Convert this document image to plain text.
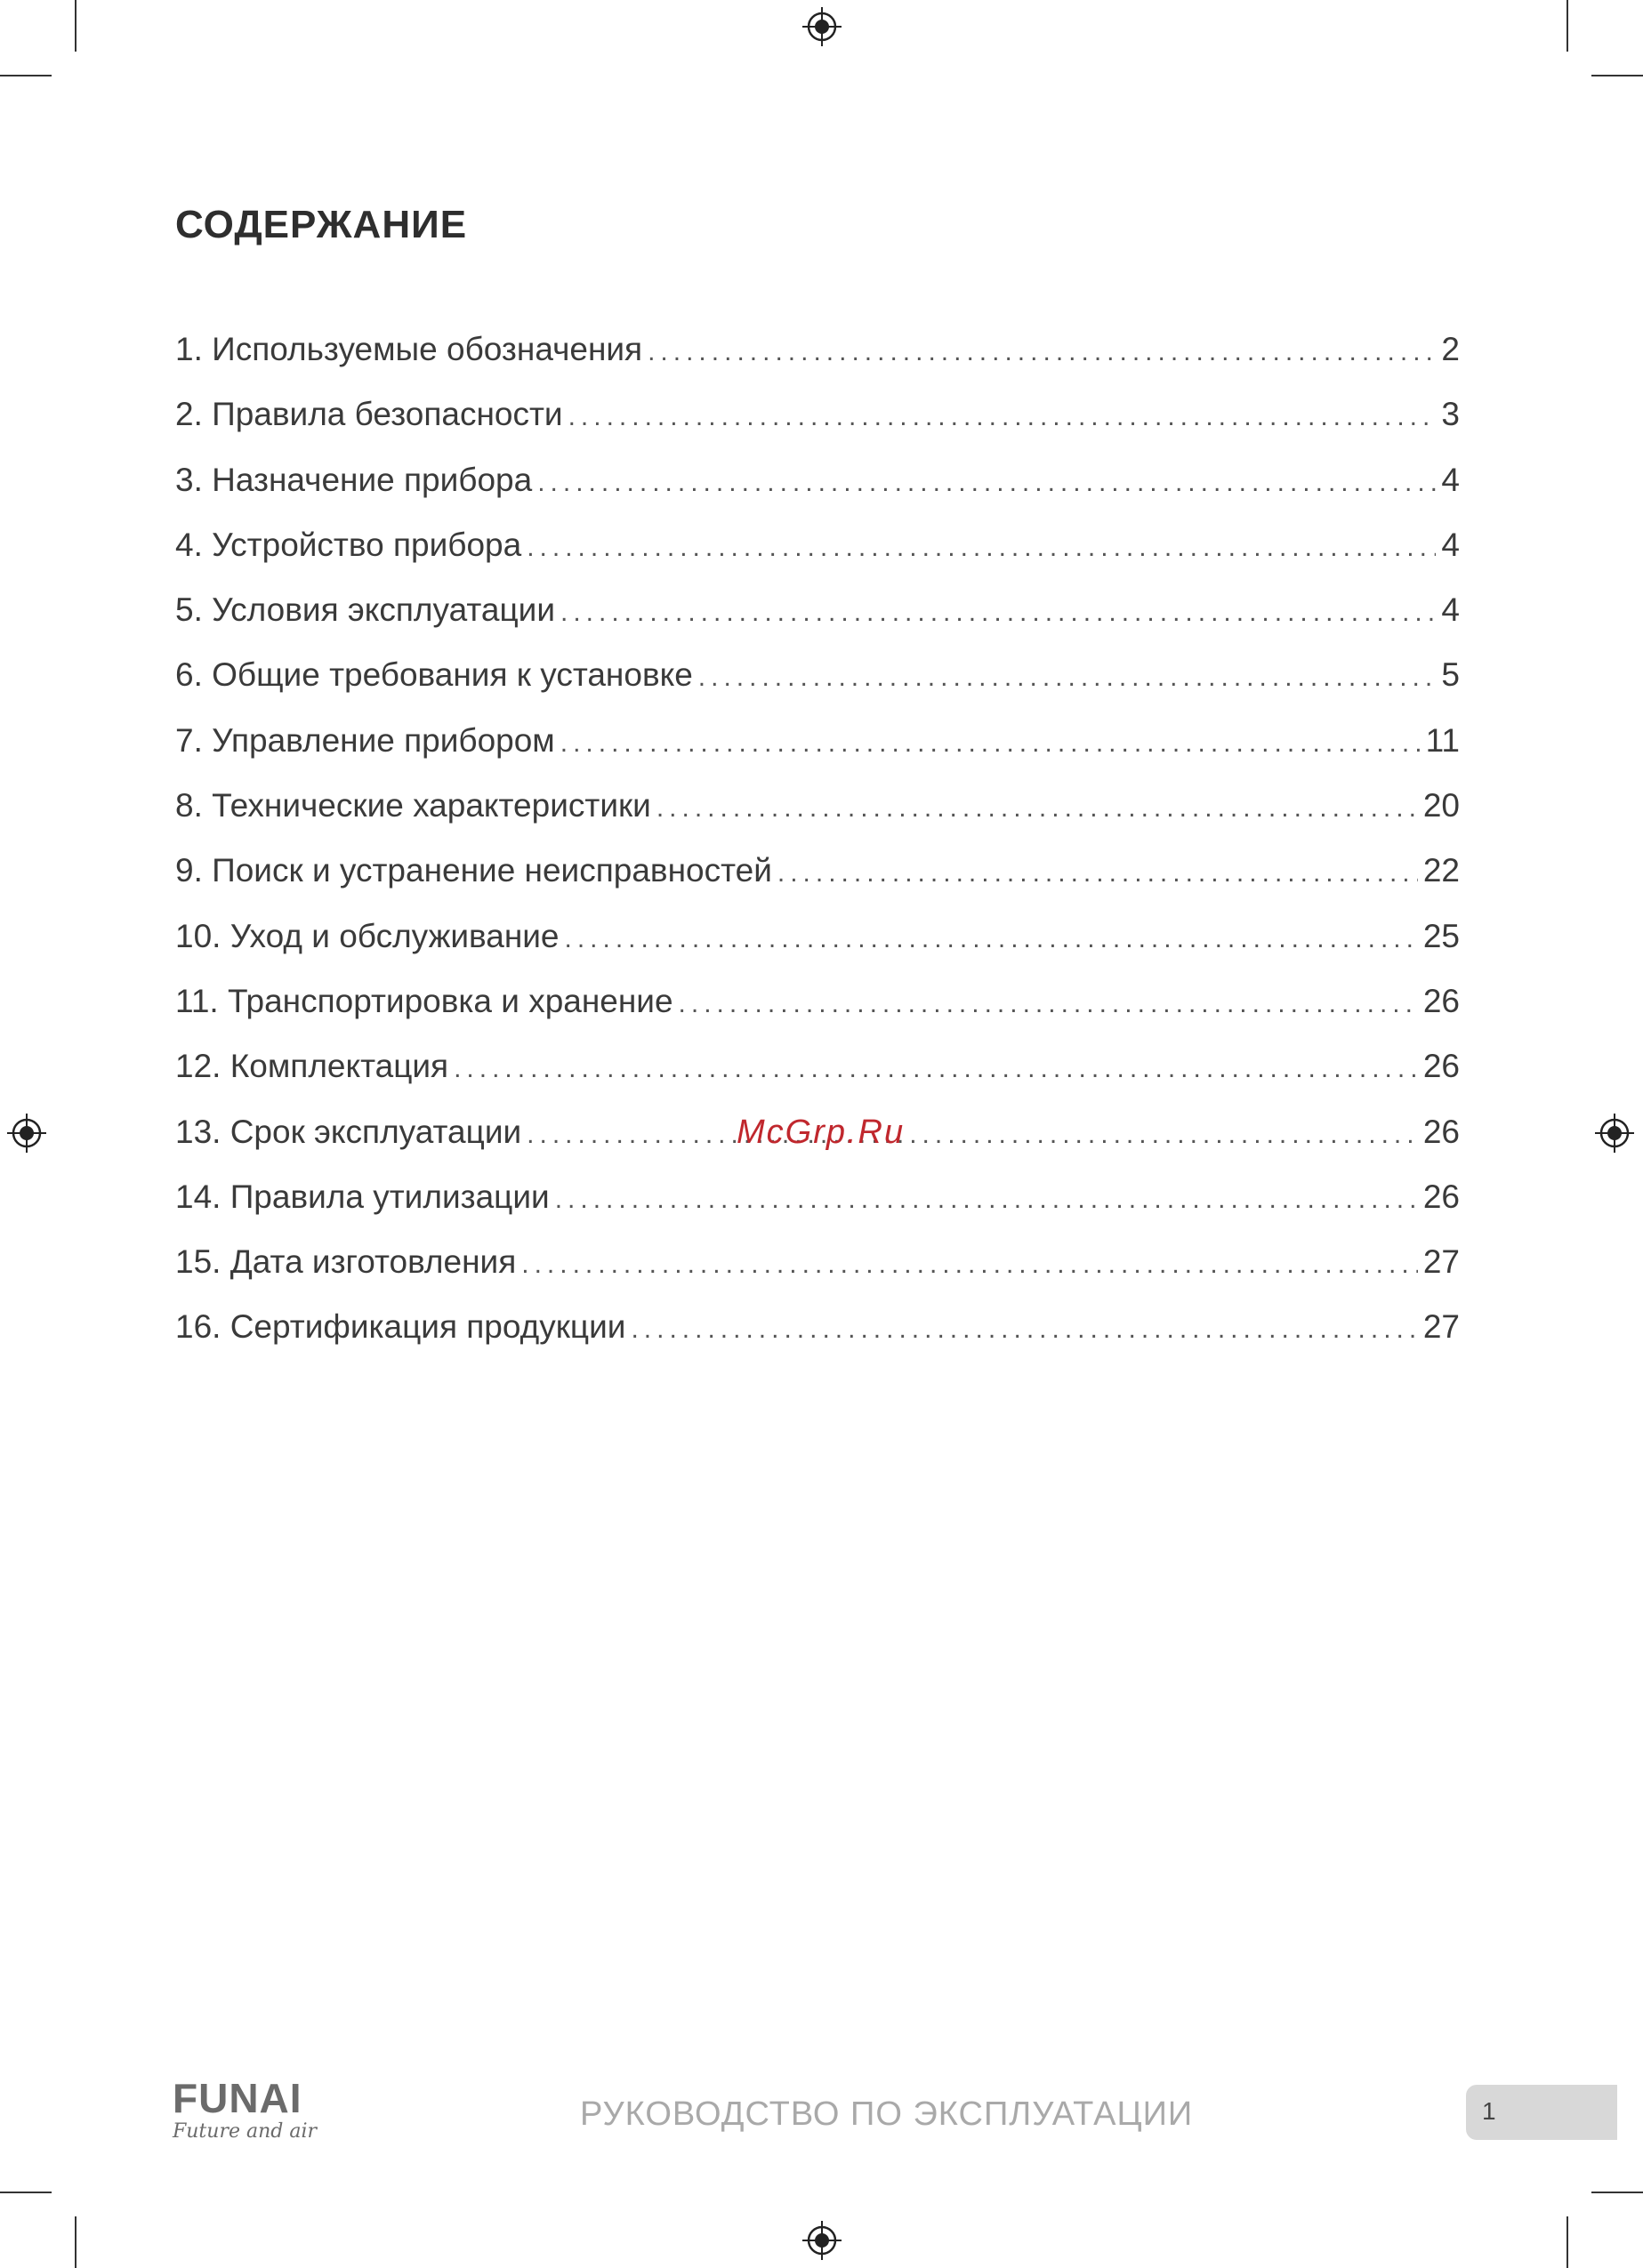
СОДЕРЖАНИЕ
1. Используемые обозначения .....	2
2. Правила безопасности .....	3
3. Назначение прибора .....	4
4. Устройство прибора .....	4
5. Условия эксплуатации .....	4
6. Общие требования к установке .....	5
7. Управление прибором .....	11
8. Технические характеристики .....	20
9. Поиск и устранение неисправностей .....	22
10. Уход и обслуживание .....	25
11. Транспортировка и хранение .....	26
12. Комплектация .....	26
13. Срок эксплуатации .....	26
14. Правила утилизации .....	26
15. Дата изготовления .....	27
16. Сертификация продукции .....	27
McGrp.Ru
FUNAI
Future and air	РУКОВОДСТВО ПО ЭКСПЛУАТАЦИИ	1
